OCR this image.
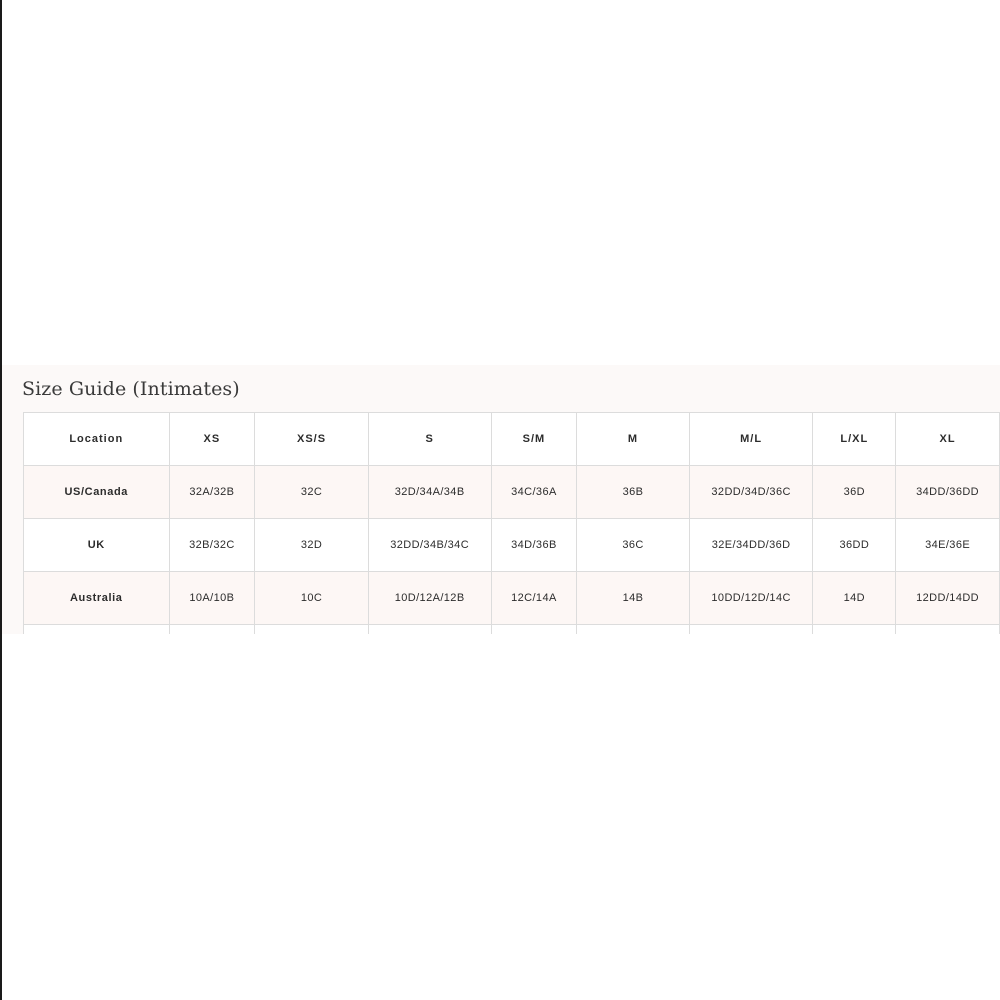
Size Guide (Intimates)
Location	XS	XS/S	S	S/M	M	M/L	L/XL	XL
US/Canada	32A/32B	32C	32D/34A/34B	34C/36A	36B	32DD/34D/36C	36D	34DD/36DD
UK	32B/32C	32D	32DD/34B/34C	34D/36B	36C	32E/34DD/36D	36DD	34E/36E
Australia	10A/10B	10C	10D/12A/12B	12C/14A	14B	10DD/12D/14C	14D	12DD/14DD
